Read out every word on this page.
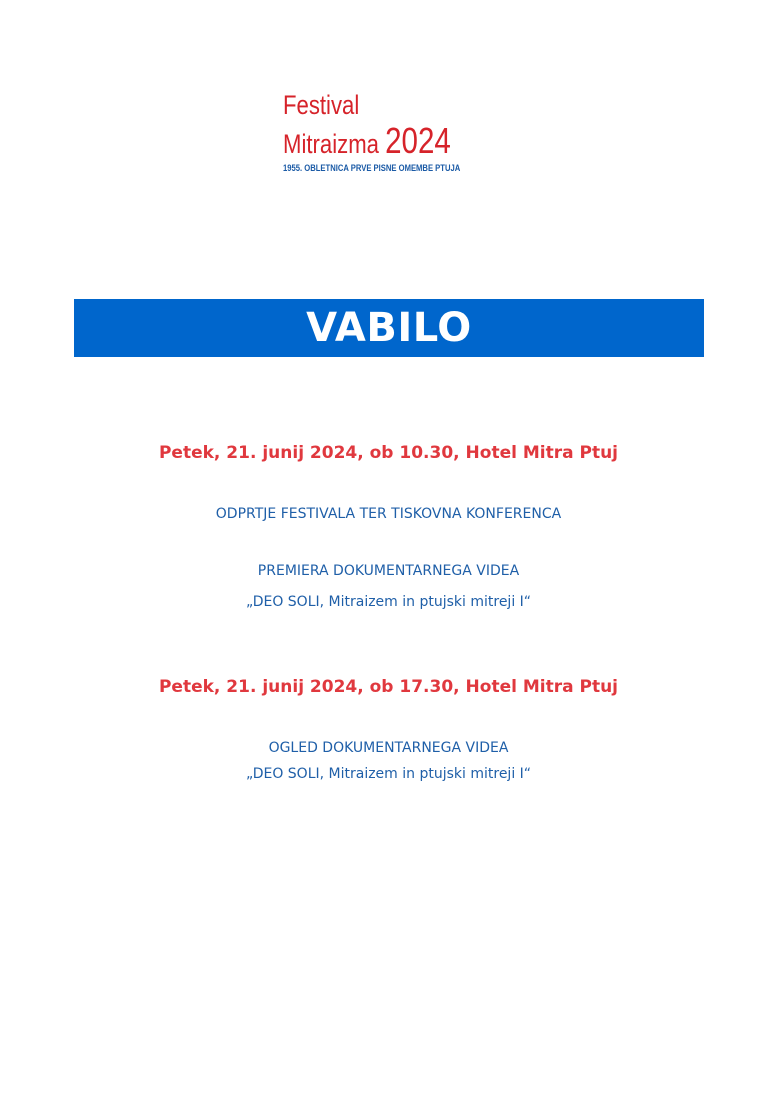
Festival
Mitraizma 2024
1955. OBLETNICA PRVE PISNE OMEMBE PTUJA
VABILO
Petek, 21. junij 2024, ob 10.30, Hotel Mitra Ptuj
ODPRTJE FESTIVALA TER TISKOVNA KONFERENCA
PREMIERA DOKUMENTARNEGA VIDEA
„DEO SOLI, Mitraizem in ptujski mitreji I“
Petek, 21. junij 2024, ob 17.30, Hotel Mitra Ptuj
OGLED DOKUMENTARNEGA VIDEA
„DEO SOLI, Mitraizem in ptujski mitreji I“
